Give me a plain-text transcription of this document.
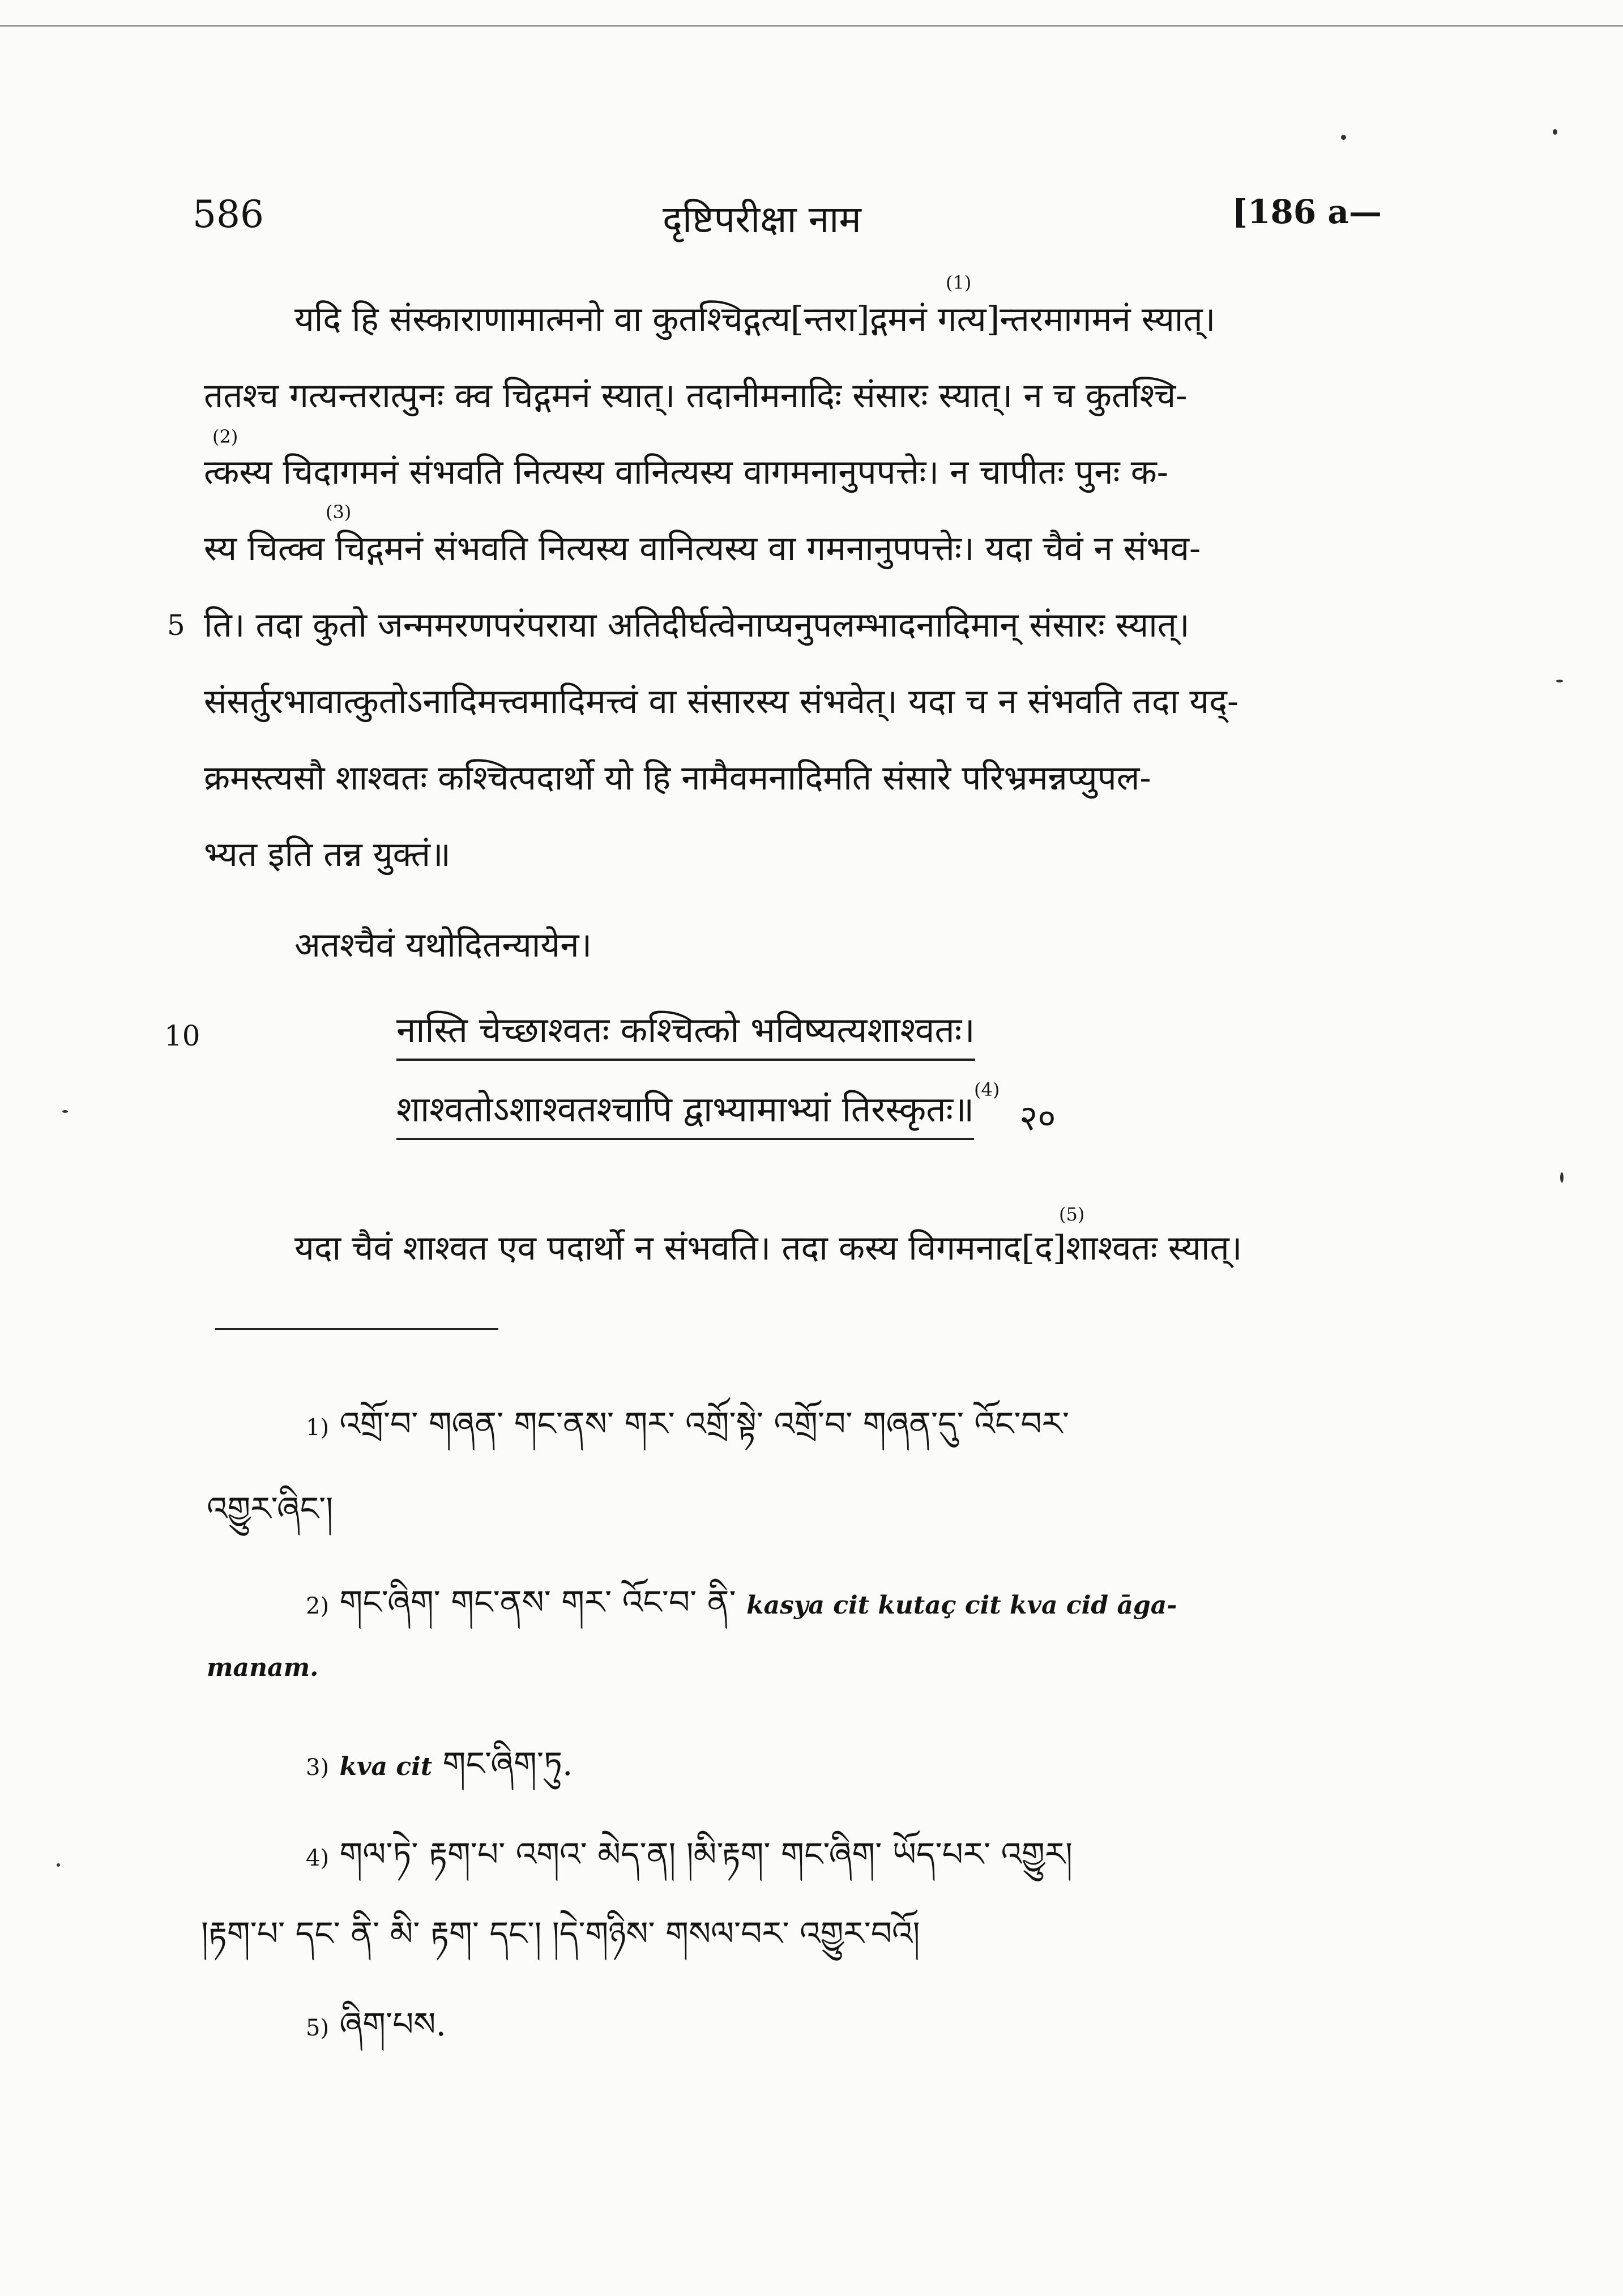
586	दृष्टिपरीक्षा नाम	[186 a—
यदि हि संस्काराणामात्मनो वा कुतश्चिद्गत्य[न्तरा]द्गमनं गत्य]न्तरमागमनं स्यात्।
(1)
ततश्च गत्यन्तरात्पुनः क्व चिद्गमनं स्यात्। तदानीमनादिः संसारः स्यात्। न च कुतश्चि-
(2)
त्कस्य चिदागमनं संभवति नित्यस्य वानित्यस्य वागमनानुपपत्तेः। न चापीतः पुनः क-
(3)
स्य चित्क्व चिद्गमनं संभवति नित्यस्य वानित्यस्य वा गमनानुपपत्तेः। यदा चैवं न संभव-
5 ति। तदा कुतो जन्ममरणपरंपराया अतिदीर्घत्वेनाप्यनुपलम्भादनादिमान् संसारः स्यात्।
संसर्तुरभावात्कुतोऽनादिमत्त्वमादिमत्त्वं वा संसारस्य संभवेत्। यदा च न संभवति तदा यद्-
क्रमस्त्यसौ शाश्वतः कश्चित्पदार्थो यो हि नामैवमनादिमति संसारे परिभ्रमन्नप्युपल-
भ्यत इति तन्न युक्तं॥
अतश्चैवं यथोदितन्यायेन।
10	नास्ति चेच्छाश्वतः कश्चित्को भविष्यत्यशाश्वतः।
शाश्वतोऽशाश्वतश्चापि द्वाभ्यामाभ्यां तिरस्कृतः॥ (4)
२०
(5)
यदा चैवं शाश्वत एव पदार्थो न संभवति। तदा कस्य विगमनाद[द]शाश्वतः स्यात्।
1) འགྲོ་བ་ གཞན་ གང་ནས་ གར་ འགྲོ་སྟེ་ འགྲོ་བ་ གཞན་དུ་ འོང་བར་
འགྱུར་ཞིང་།
2) གང་ཞིག་ གང་ནས་ གར་ འོང་བ་ ནི་ kasya cit kutaç cit kva cid āga-
manam.
3) kva cit གང་ཞིག་ཏུ.
4) གལ་ཏེ་ རྟག་པ་ འགའ་ མེད་ན། །མི་རྟག་ གང་ཞིག་ ཡོད་པར་ འགྱུར།
།རྟག་པ་ དང་ ནི་ མི་ རྟག་ དང་། །དེ་གཉིས་ གསལ་བར་ འགྱུར་བའོ།
5) ཞིག་པས.
